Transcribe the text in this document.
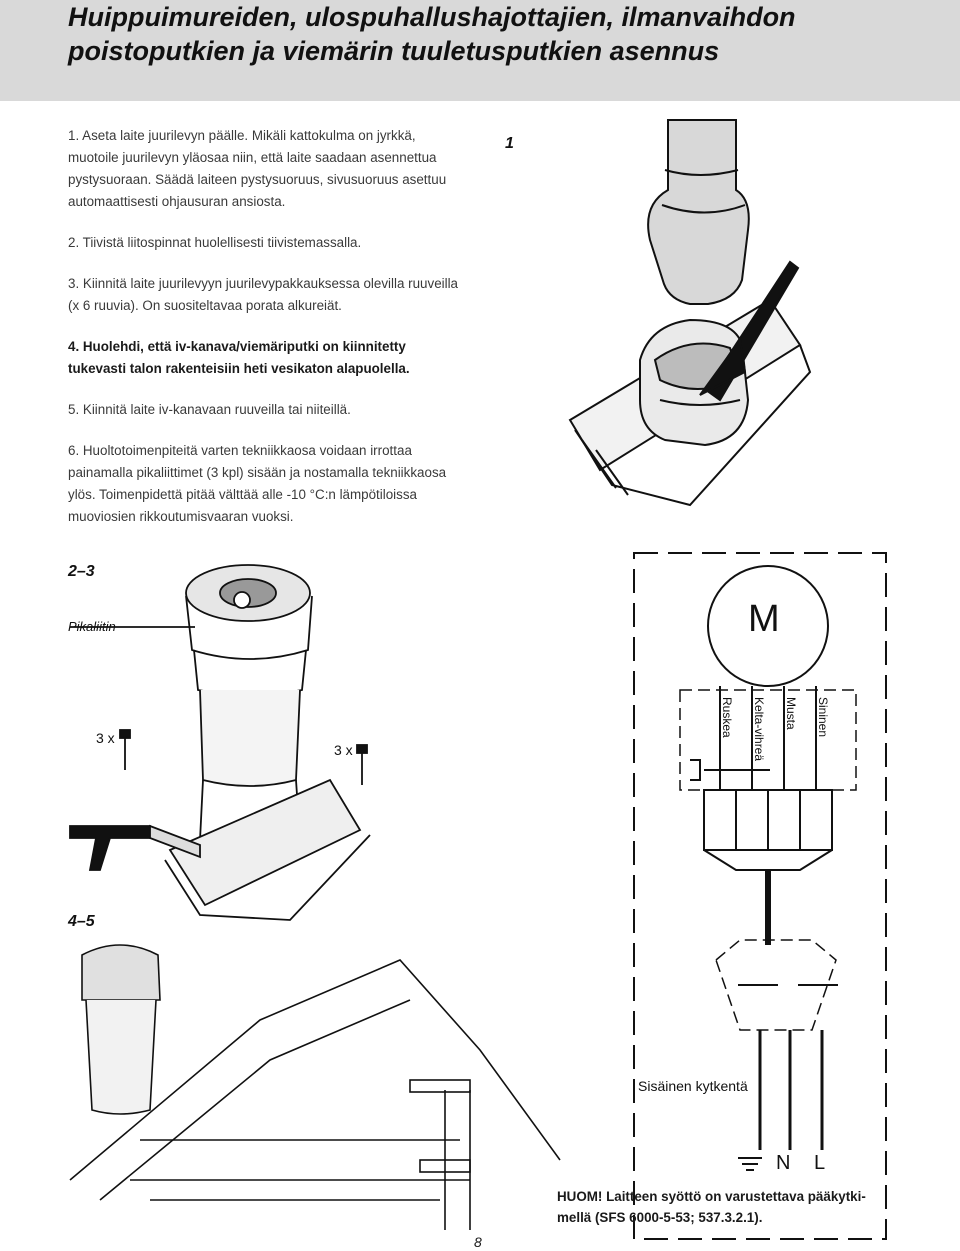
Huippuimureiden, ulospuhallushajottajien, ilmanvaihdon
poistoputkien ja viemärin tuuletusputkien asennus

1. Aseta laite juurilevyn päälle. Mikäli kattokulma on jyrkkä, muotoile juurilevyn yläosaa niin, että laite saadaan asennettua pystysuoraan. Säädä laiteen pystysuoruus, sivusuoruus asettuu automaattisesti ohjausuran ansiosta.

2. Tiivistä liitospinnat huolellisesti tiivistemassalla.

3. Kiinnitä laite juurilevyyn juurilevypakkauksessa olevilla ruuveilla (x 6 ruuvia). On suositeltavaa porata alkureiät.

4. Huolehdi, että iv-kanava/viemäriputki on kiinnitetty tukevasti talon rakenteisiin heti vesikaton alapuolella.

5. Kiinnitä laite iv-kanavaan ruuveilla tai niiteillä.

6. Huoltotoimenpiteitä varten tekniikkaosa voidaan irrottaa painamalla pikaliittimet (3 kpl) sisään ja nostamalla tekniikkaosa ylös. Toimenpidettä pitää välttää alle -10 °C:n lämpötiloissa muoviosien rikkoutumisvaaran vuoksi.

1
2–3
4–5
Pikaliitin
3 x
3 x
M
Ruskea Kelta-vihreä Musta Sininen
Sisäinen kytkentä
N L
HUOM! Laitteen syöttö on varustettava pääkytki-
mellä (SFS 6000-5-53; 537.3.2.1).
8
